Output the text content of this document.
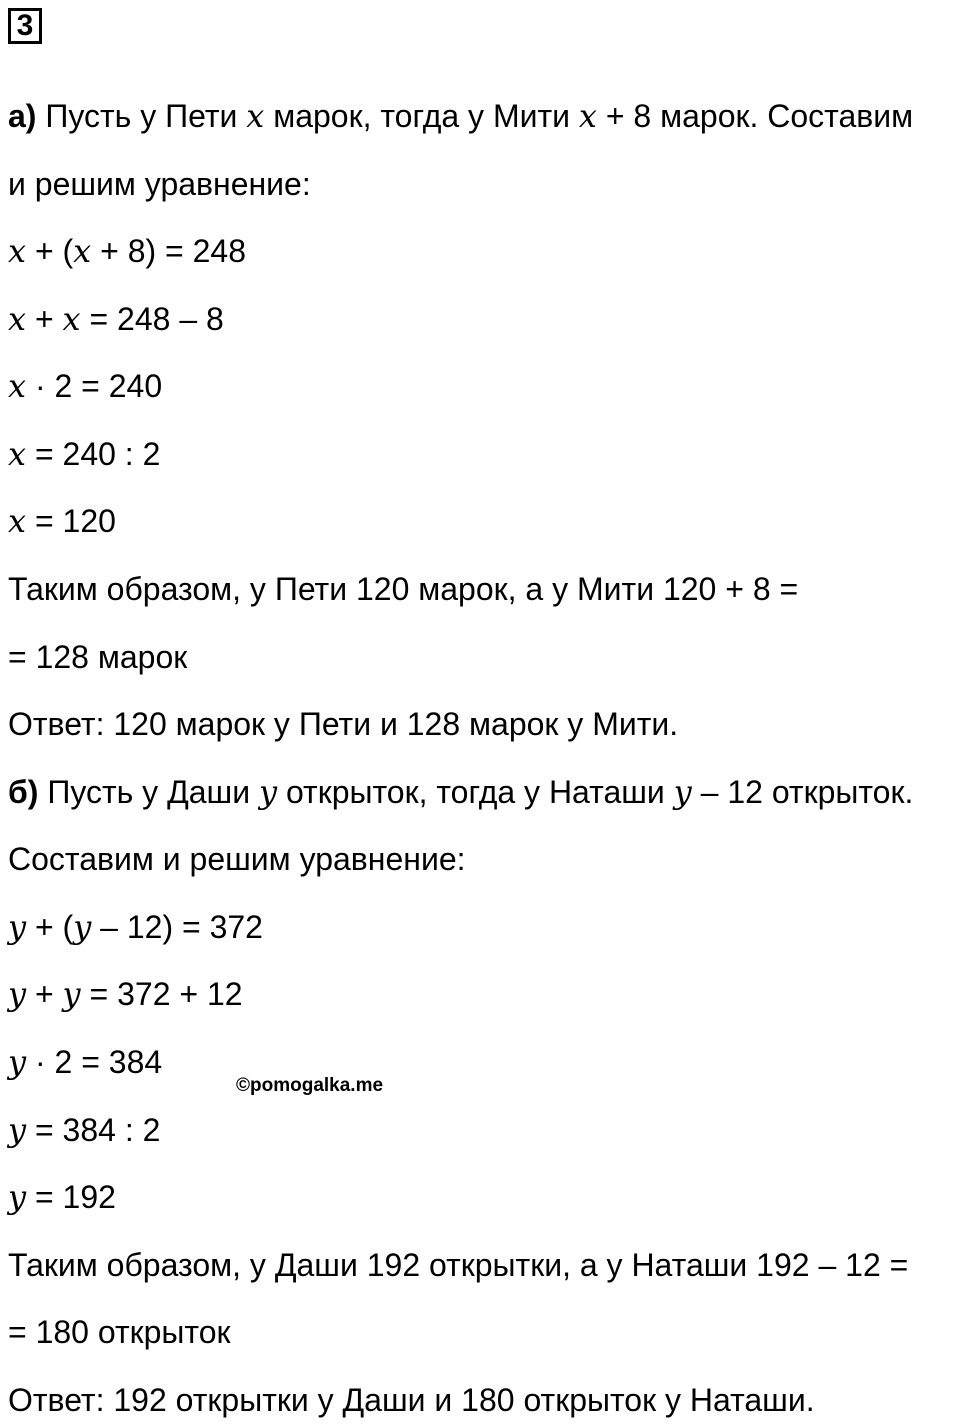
3
а) Пусть у Пети x марок, тогда у Мити x + 8 марок. Составим
и решим уравнение:
x + (x + 8) = 248
x + x = 248 – 8
x · 2 = 240
x = 240 : 2
x = 120
Таким образом, у Пети 120 марок, а у Мити 120 + 8 =
= 128 марок
Ответ: 120 марок у Пети и 128 марок у Мити.
б) Пусть у Даши y открыток, тогда у Наташи y – 12 открыток.
Составим и решим уравнение:
y + (y – 12) = 372
y + y = 372 + 12
y · 2 = 384
y = 384 : 2
y = 192
Таким образом, у Даши 192 открытки, а у Наташи 192 – 12 =
= 180 открыток
Ответ: 192 открытки у Даши и 180 открыток у Наташи.
©pomogalka.me
